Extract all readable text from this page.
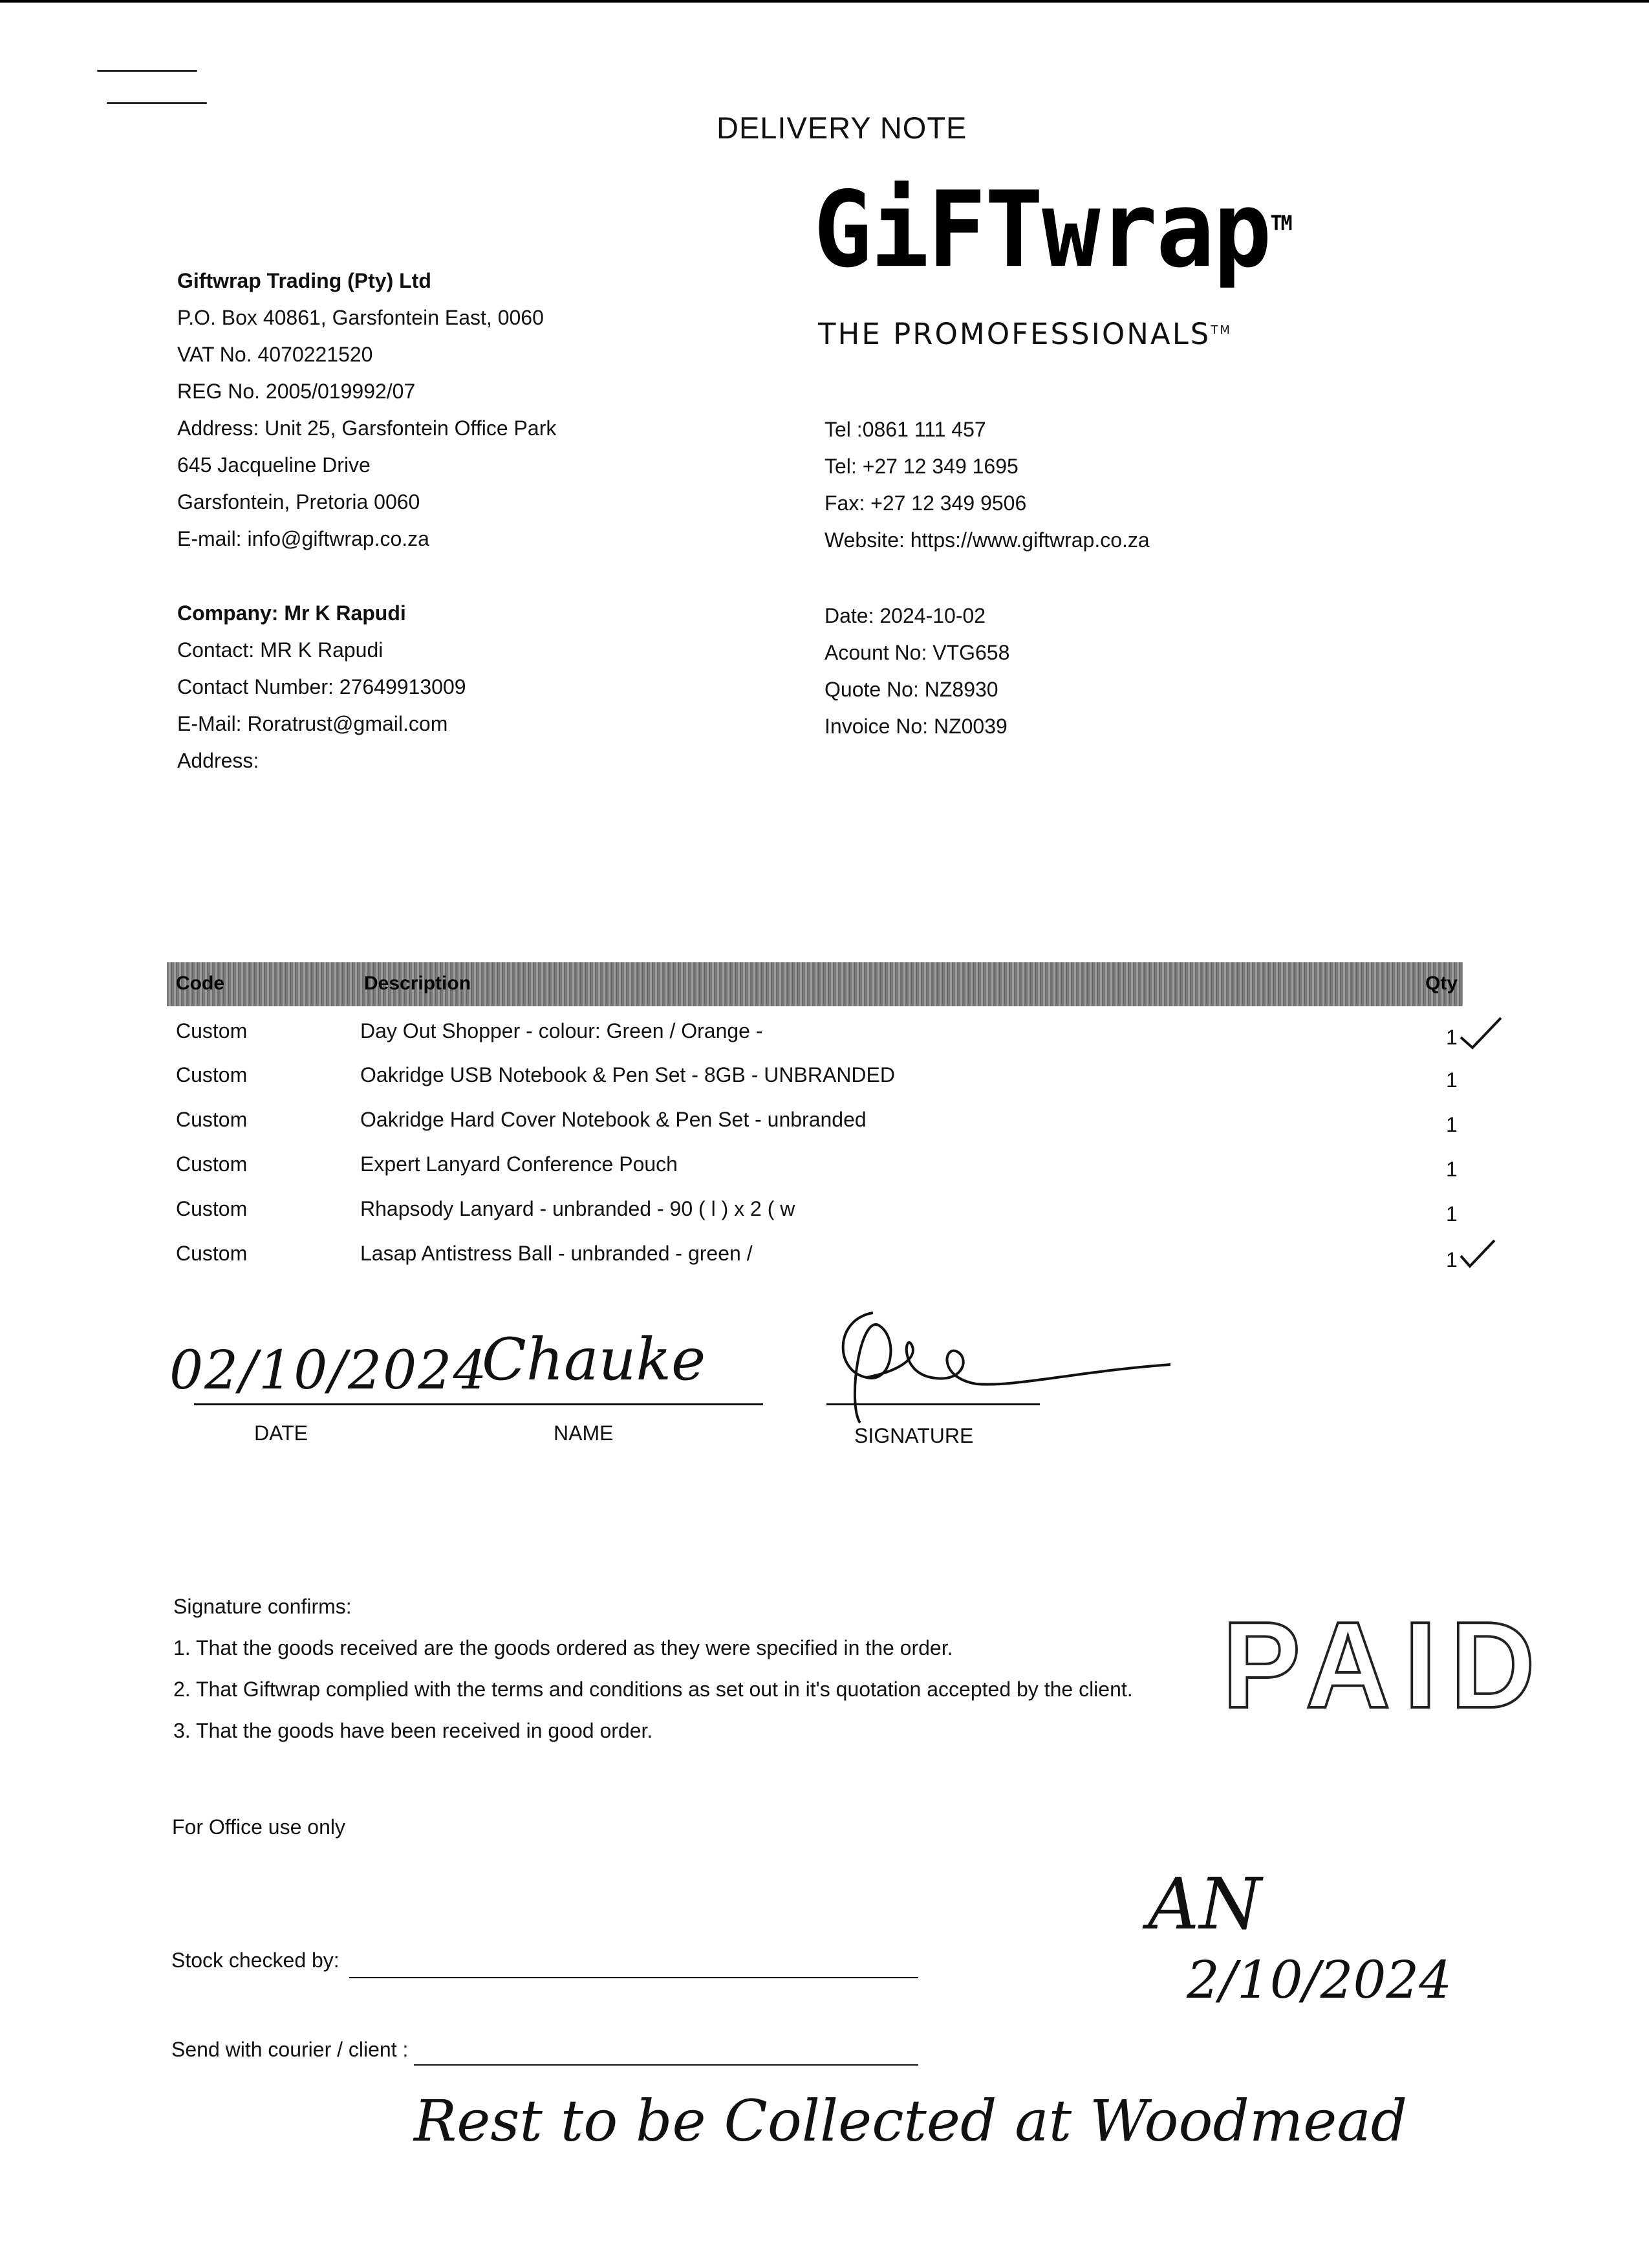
DELIVERY NOTE
GiFTwrap™
THE PROMOFESSIONALS™
Giftwrap Trading (Pty) Ltd
P.O. Box 40861, Garsfontein East, 0060
VAT No. 4070221520
REG No. 2005/019992/07
Address: Unit 25, Garsfontein Office Park
645 Jacqueline Drive
Garsfontein, Pretoria 0060
E-mail: info@giftwrap.co.za
Tel :0861 111 457
Tel: +27 12 349 1695
Fax: +27 12 349 9506
Website: https://www.giftwrap.co.za
Company: Mr K Rapudi
Contact: MR K Rapudi
Contact Number: 27649913009
E-Mail: Roratrust@gmail.com
Address:
Date: 2024-10-02
Acount No: VTG658
Quote No: NZ8930
Invoice No: NZ0039
Code	Description	Qty
Custom	Day Out Shopper - colour: Green / Orange -	1
Custom	Oakridge USB Notebook & Pen Set - 8GB - UNBRANDED	1
Custom	Oakridge Hard Cover Notebook & Pen Set - unbranded	1
Custom	Expert Lanyard Conference Pouch	1
Custom	Rhapsody Lanyard - unbranded - 90 ( l ) x 2 ( w	1
Custom	Lasap Antistress Ball - unbranded - green /	1
02/10/2024
Chauke
DATE	NAME	SIGNATURE
Signature confirms:
1. That the goods received are the goods ordered as they were specified in the order.
2. That Giftwrap complied with the terms and conditions as set out in it's quotation accepted by the client.
3. That the goods have been received in good order.	PAID
For Office use only
Stock checked by:
Send with courier / client :
AN
2/10/2024
Rest to be Collected at Woodmead
